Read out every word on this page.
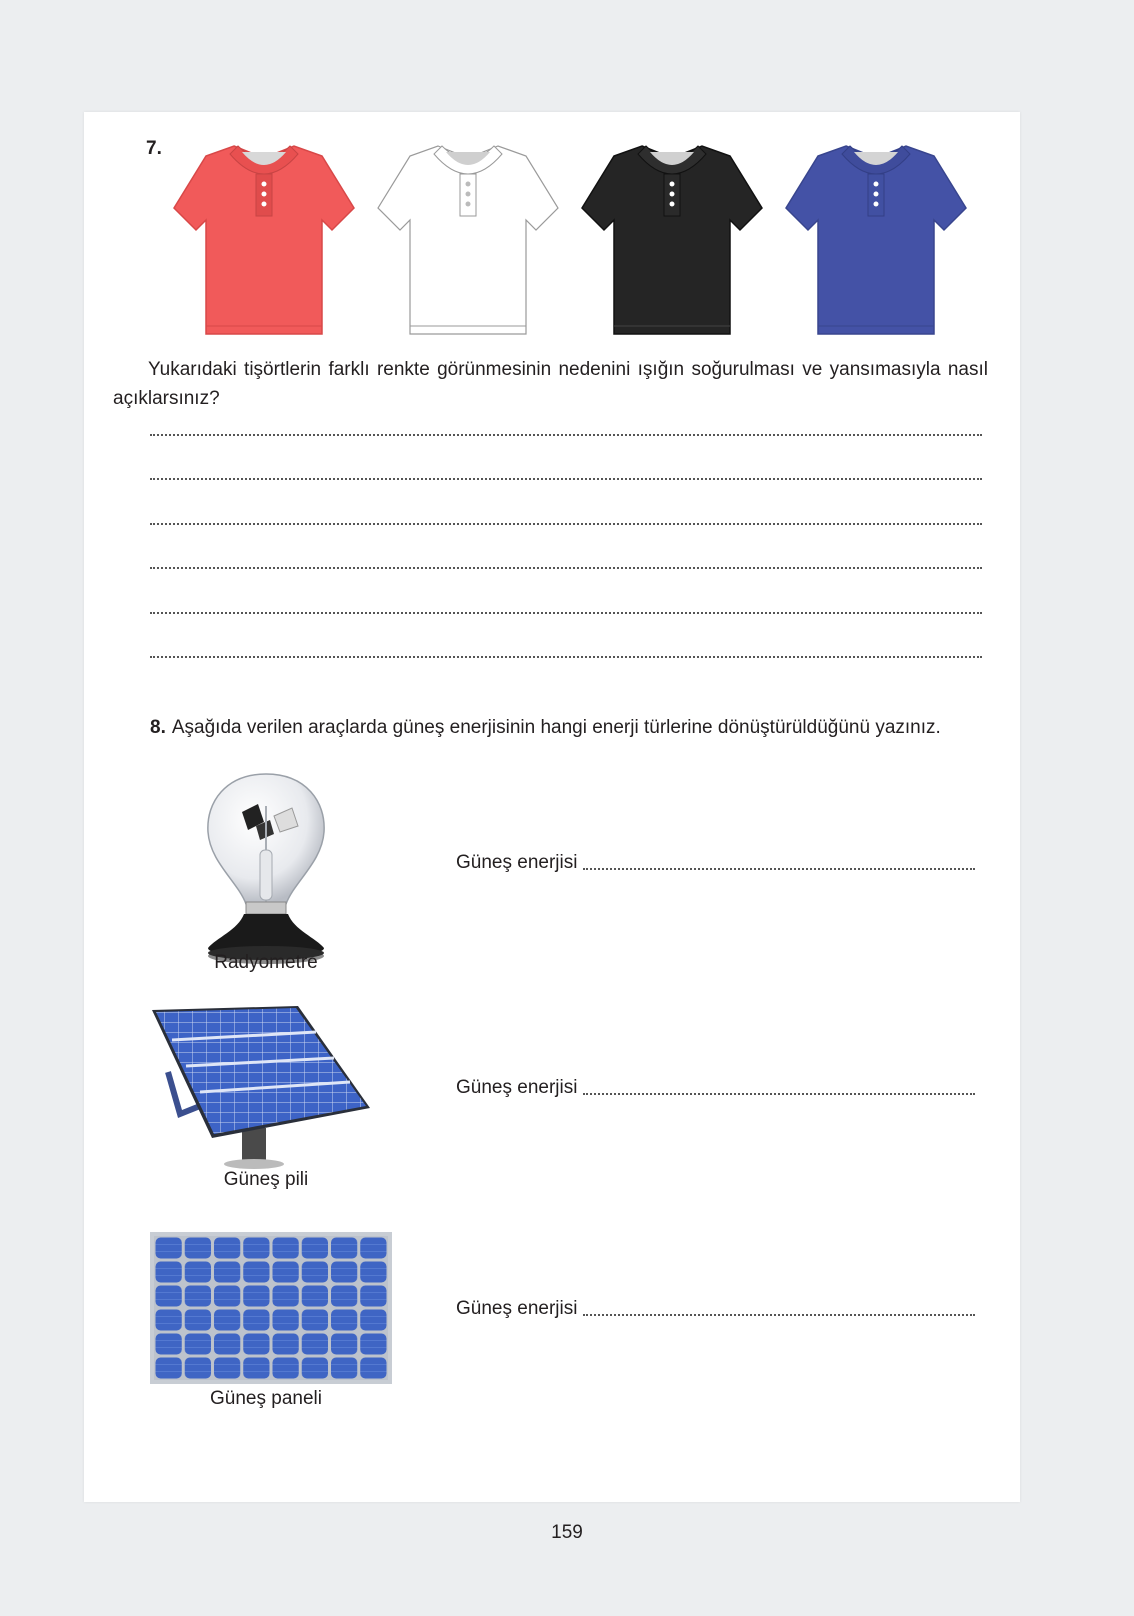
7.
Yukarıdaki tişörtlerin farklı renkte görünmesinin nedenini ışığın soğurulması ve yansımasıyla nasıl açıklarsınız?
8. Aşağıda verilen araçlarda güneş enerjisinin hangi enerji türlerine dönüştürüldüğünü yazınız.
Radyometre
Güneş enerjisi
Güneş pili
Güneş enerjisi
Güneş paneli
Güneş enerjisi
159
